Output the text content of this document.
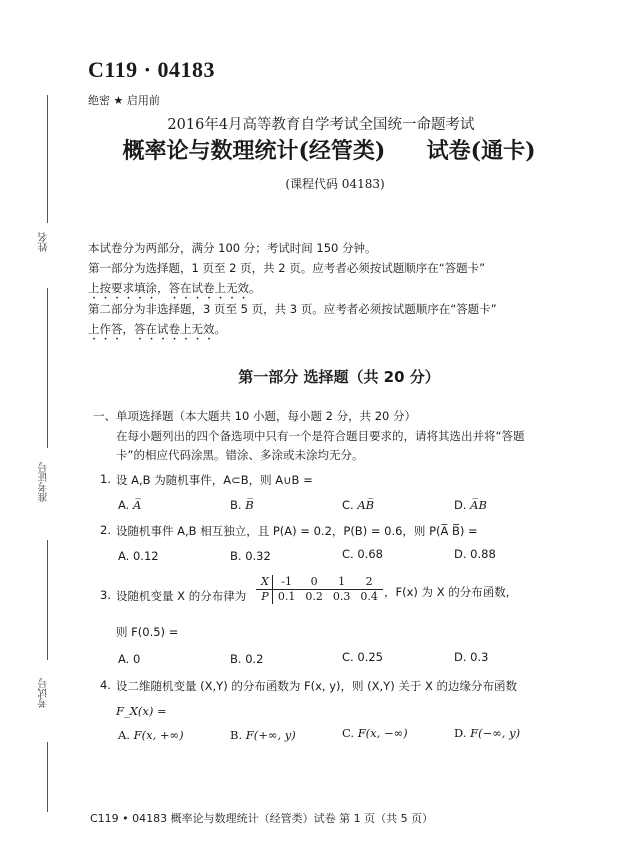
姓名
准考证号
考试号
C119 · 04183
绝密 ★ 启用前
2016年4月高等教育自学考试全国统一命题考试
概率论与数理统计(经管类) 试卷(通卡)
(课程代码 04183)
本试卷分为两部分，满分 100 分；考试时间 150 分钟。
第一部分为选择题，1 页至 2 页，共 2 页。应考者必须按试题顺序在“答题卡”
上按要求填涂，答在试卷上无效。
第二部分为非选择题，3 页至 5 页，共 3 页。应考者必须按试题顺序在“答题卡”
上作答，答在试卷上无效。
第一部分 选择题（共 20 分）
一、单项选择题（本大题共 10 小题，每小题 2 分，共 20 分）
在每小题列出的四个备选项中只有一个是符合题目要求的，请将其选出并将“答题
卡”的相应代码涂黑。错涂、多涂或未涂均无分。
1. 设 A,B 为随机事件，A⊂B，则 A∪B =
A. A̅	B. B̅	C. AB̅	D. A̅B
2. 设随机事件 A,B 相互独立，且 P(A) = 0.2，P(B) = 0.6，则 P(A̅ B̅) =
A. 0.12	B. 0.32	C. 0.68	D. 0.88
3. 设随机变量 X 的分布律为
X	-1	0	1	2
P	0.1	0.2	0.3	0.4 ，F(x) 为 X 的分布函数,
则 F(0.5) =
A. 0	B. 0.2	C. 0.25	D. 0.3
4. 设二维随机变量 (X,Y) 的分布函数为 F(x, y)，则 (X,Y) 关于 X 的边缘分布函数
F_X(x) =
A. F(x, +∞)	B. F(+∞, y)	C. F(x, −∞)	D. F(−∞, y)
C119 • 04183 概率论与数理统计（经管类）试卷 第 1 页（共 5 页）
